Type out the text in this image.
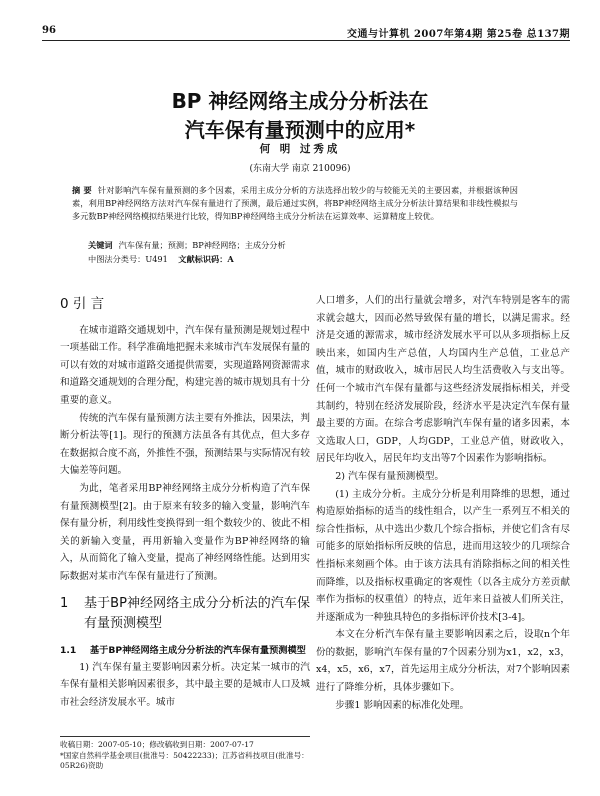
96	交通与计算机 2007年第4期 第25卷 总137期
BP 神经网络主成分分析法在
汽车保有量预测中的应用*
何 明 过秀成
(东南大学 南京 210096)
摘 要 针对影响汽车保有量预测的多个因素，采用主成分分析的方法选择出较少的与较能无关的主要因素，并根据该种因素，利用BP神经网络方法对汽车保有量进行了预测，最后通过实例，将BP神经网络主成分分析法计算结果和非线性模拟与多元数BP神经网络模拟结果进行比较，得知BP神经网络主成分分析法在运算效率、运算精度上较优。
关键词 汽车保有量；预测；BP神经网络；主成分分析
中图法分类号：U491 文献标识码：A
0 引 言

在城市道路交通规划中，汽车保有量预测是规划过程中一项基础工作。科学准确地把握未来城市汽车发展保有量的可以有效的对城市道路交通提供需要，实现道路网资源需求和道路交通规划的合理分配，构建完善的城市规划具有十分重要的意义。

传统的汽车保有量预测方法主要有外推法，因果法，判断分析法等[1]。现行的预测方法虽各有其优点，但大多存在数据拟合度不高，外推性不强，预测结果与实际情况有较大偏差等问题。

为此，笔者采用BP神经网络主成分分析构造了汽车保有量预测模型[2]。由于原来有较多的输入变量，影响汽车保有量分析，利用线性变换得到一组个数较少的、彼此不相关的新输入变量，再用新输入变量作为BP神经网络的输入，从而简化了输入变量，提高了神经网络性能。达到用实际数据对某市汽车保有量进行了预测。

1	基于BP神经网络主成分分析法的汽车保有量预测模型
1.1	基于BP神经网络主成分分析法的汽车保有量预测模型

1) 汽车保有量主要影响因素分析。决定某一城市的汽车保有量相关影响因素很多，其中最主要的是城市人口及城市社会经济发展水平。城市

人口增多，人们的出行量就会增多，对汽车特别是客车的需求就会越大，因而必然导致保有量的增长，以满足需求。经济是交通的源需求，城市经济发展水平可以从多项指标上反映出来，如国内生产总值，人均国内生产总值，工业总产值，城市的财政收入，城市居民人均生活费收入与支出等。任何一个城市汽车保有量都与这些经济发展指标相关，并受其制约，特别在经济发展阶段，经济水平是决定汽车保有量最主要的方面。在综合考虑影响汽车保有量的诸多因素，本文选取人口，GDP，人均GDP，工业总产值，财政收入，居民年均收入，居民年均支出等7个因素作为影响指标。

2) 汽车保有量预测模型。

(1) 主成分分析。主成分分析是利用降维的思想，通过构造原始指标的适当的线性组合，以产生一系列互不相关的综合性指标，从中选出少数几个综合指标，并使它们含有尽可能多的原始指标所反映的信息，进而用这较少的几项综合性指标来刻画个体。由于该方法具有消除指标之间的相关性而降维，以及指标权重确定的客观性（以各主成分方差贡献率作为指标的权重值）的特点，近年来日益被人们所关注，并逐渐成为一种独具特色的多指标评价技术[3-4]。

本文在分析汽车保有量主要影响因素之后，设取n个年份的数据，影响汽车保有量的7个因素分别为x1，x2，x3，x4，x5，x6，x7，首先运用主成分分析法，对7个影响因素进行了降维分析，具体步骤如下。

步骤1 影响因素的标准化处理。

收稿日期：2007-05-10；修改稿收到日期：2007-07-17
*国家自然科学基金项目(批准号：50422233)；江苏省科技项目(批准号：05R26)资助
